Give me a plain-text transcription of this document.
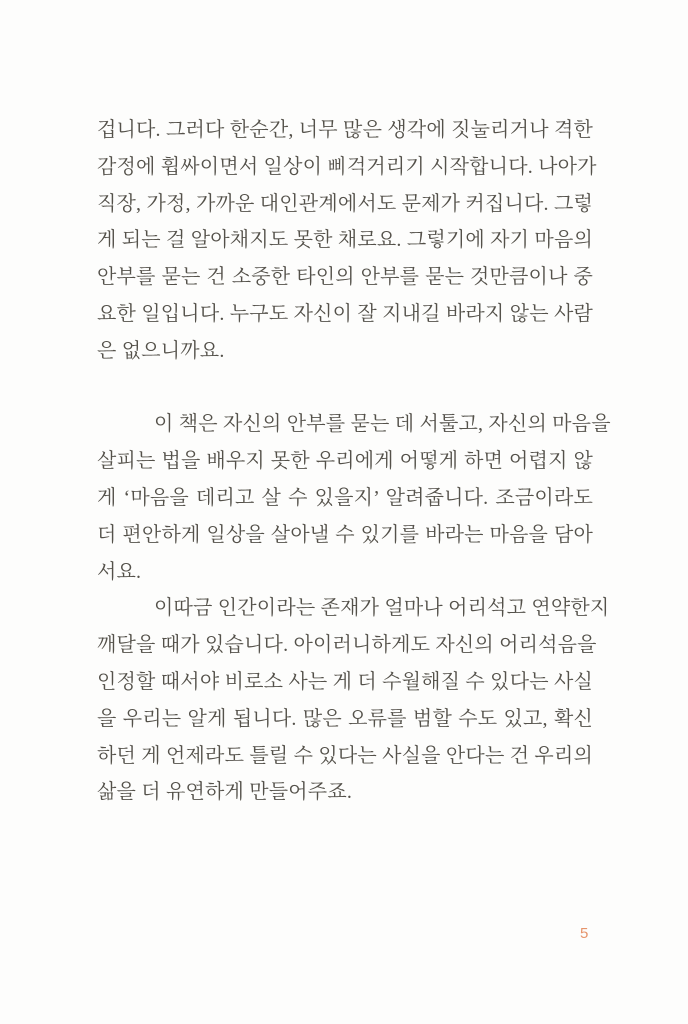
겁니다. 그러다 한순간, 너무 많은 생각에 짓눌리거나 격한
감정에 휩싸이면서 일상이 삐걱거리기 시작합니다. 나아가
직장, 가정, 가까운 대인관계에서도 문제가 커집니다. 그렇
게 되는 걸 알아채지도 못한 채로요. 그렇기에 자기 마음의
안부를 묻는 건 소중한 타인의 안부를 묻는 것만큼이나 중
요한 일입니다. 누구도 자신이 잘 지내길 바라지 않는 사람
은 없으니까요.
이 책은 자신의 안부를 묻는 데 서툴고, 자신의 마음을
살피는 법을 배우지 못한 우리에게 어떻게 하면 어렵지 않
게 ‘마음을 데리고 살 수 있을지’ 알려줍니다. 조금이라도
더 편안하게 일상을 살아낼 수 있기를 바라는 마음을 담아
서요.
이따금 인간이라는 존재가 얼마나 어리석고 연약한지
깨달을 때가 있습니다. 아이러니하게도 자신의 어리석음을
인정할 때서야 비로소 사는 게 더 수월해질 수 있다는 사실
을 우리는 알게 됩니다. 많은 오류를 범할 수도 있고, 확신
하던 게 언제라도 틀릴 수 있다는 사실을 안다는 건 우리의
삶을 더 유연하게 만들어주죠.
5
